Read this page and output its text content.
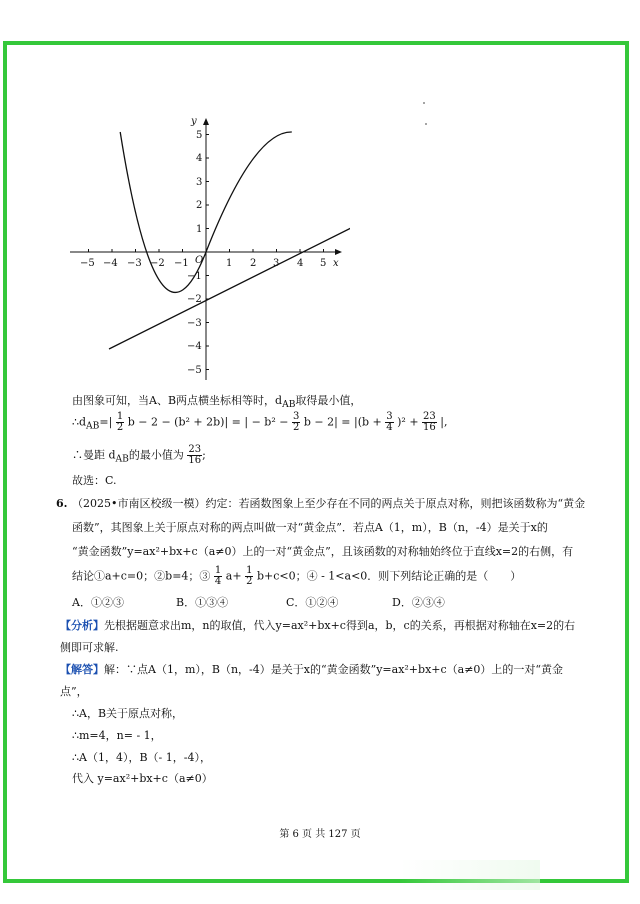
−5 −4 −3 −2 −1 O 1 2 3 4 5 x
y
5
4
3
2
1
−1
−2
−3
−4
−5
由图象可知，当A、B两点横坐标相等时，$d_{AB}$取得最小值，
$\therefore d_{AB}=| \frac{1}{2}$ b − 2 − (b² + 2b)| = | − $b^2 - \frac{3}{2}$ $b - 2| = |(b + \frac{3}{4} )^2 + \frac{23}{16}$ |,
∴曼距 $d_{AB}$的最小值为 $\frac{23}{16}$ ;
故选：C.
6. （2025•市南区校级一模）约定：若函数图象上至少存在不同的两点关于原点对称，则把该函数称为“黄金
函数”，其图象上关于原点对称的两点叫做一对“黄金点”．若点A（1，m），B（n，-4）是关于x的
“黄金函数”y=ax²+bx+c（a≠0）上的一对“黄金点”，且该函数的对称轴始终位于直线x=2的右侧，有
结论①a+c=0；②b=4；③ $\frac{1}{4} a+ \frac{1}{2} b+c<0$；④ - 1<a<0．则下列结论正确的是（　　）
A．①②③	B．①③④	C．①②④	D．②③④
【分析】先根据题意求出m，n的取值，代入y=ax²+bx+c得到a，b，c的关系，再根据对称轴在x=2的右
侧即可求解.
【解答】解：∵点A（1，m），B（n，-4）是关于x的“黄金函数”y=ax²+bx+c（a≠0）上的一对“黄金
点”，
∴A，B关于原点对称，
∴m=4，n= - 1，
∴A（1，4），B（- 1，-4），
代入 y=ax²+bx+c（a≠0）
第 6 页 共 127 页
